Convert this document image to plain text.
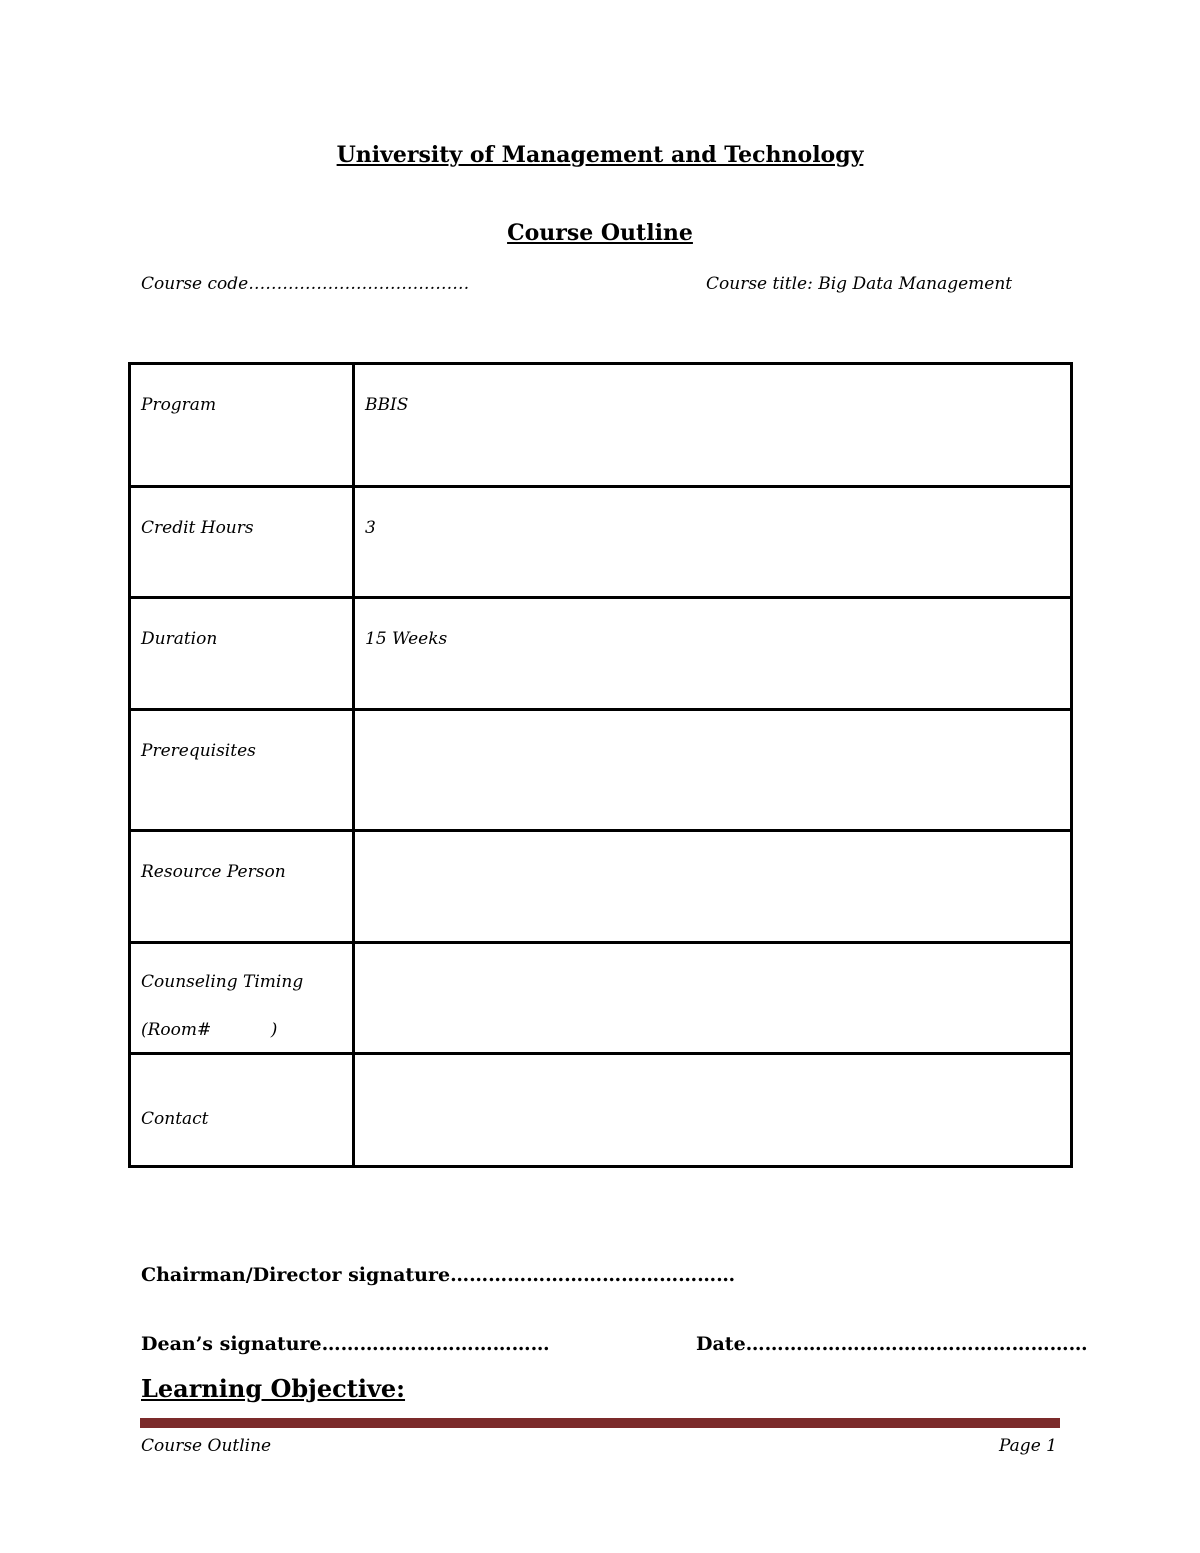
University of Management and Technology
Course Outline
Course code…………………………………	Course title: Big Data Management
Program	BBIS
Credit Hours	3
Duration	15 Weeks
Prerequisites	
Resource Person	

Counseling Timing
(Room#           )	

Contact	
Chairman/Director signature………………………………………
Dean’s signature………………………………	Date………………………………………………
Learning Objective:
Course Outline	Page 1
